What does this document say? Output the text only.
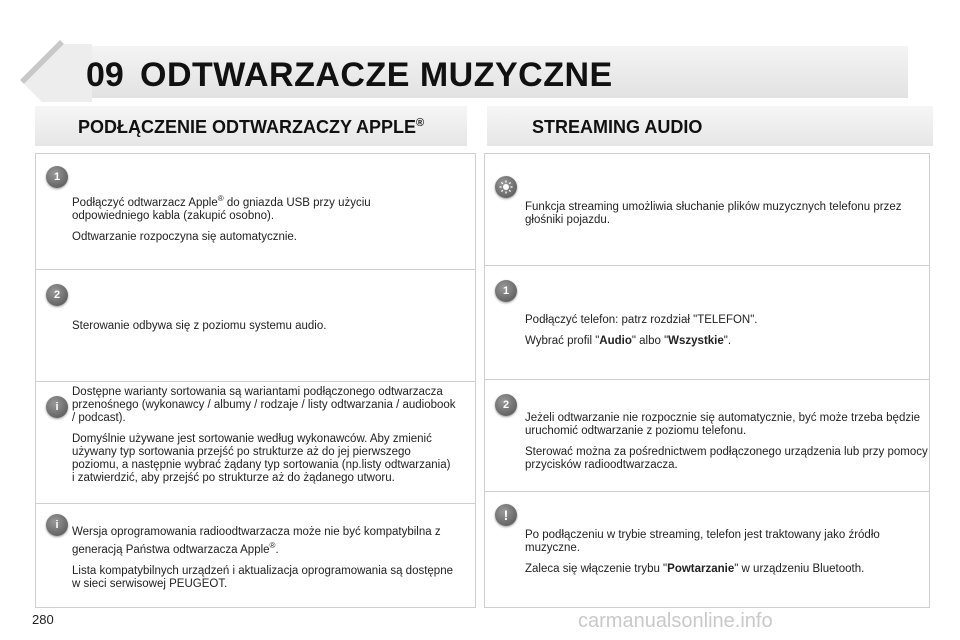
09 ODTWARZACZE MUZYCZNE
PODŁĄCZENIE ODTWARZACZY APPLE®	STREAMING AUDIO
1

Podłączyć odtwarzacz Apple® do gniazda USB przy użyciu odpowiedniego kabla (zakupić osobno).

Odtwarzanie rozpoczyna się automatycznie.

2

Sterowanie odbywa się z poziomu systemu audio.

i

Dostępne warianty sortowania są wariantami podłączonego odtwarzacza przenośnego (wykonawcy / albumy / rodzaje / listy odtwarzania / audiobook / podcast).

Domyślnie używane jest sortowanie według wykonawców. Aby zmienić używany typ sortowania przejść po strukturze aż do jej pierwszego poziomu, a następnie wybrać żądany typ sortowania (np.listy odtwarzania) i zatwierdzić, aby przejść po strukturze aż do żądanego utworu.

i

Wersja oprogramowania radioodtwarzacza może nie być kompatybilna z generacją Państwa odtwarzacza Apple®.

Lista kompatybilnych urządzeń i aktualizacja oprogramowania są dostępne w sieci serwisowej PEUGEOT.

Funkcja streaming umożliwia słuchanie plików muzycznych telefonu przez głośniki pojazdu.

1

Podłączyć telefon: patrz rozdział "TELEFON".

Wybrać profil "Audio" albo "Wszystkie".

2

Jeżeli odtwarzanie nie rozpocznie się automatycznie, być może trzeba będzie uruchomić odtwarzanie z poziomu telefonu.

Sterować można za pośrednictwem podłączonego urządzenia lub przy pomocy przycisków radioodtwarzacza.

!

Po podłączeniu w trybie streaming, telefon jest traktowany jako źródło muzyczne.

Zaleca się włączenie trybu "Powtarzanie" w urządzeniu Bluetooth.

280	carmanualsonline.info
